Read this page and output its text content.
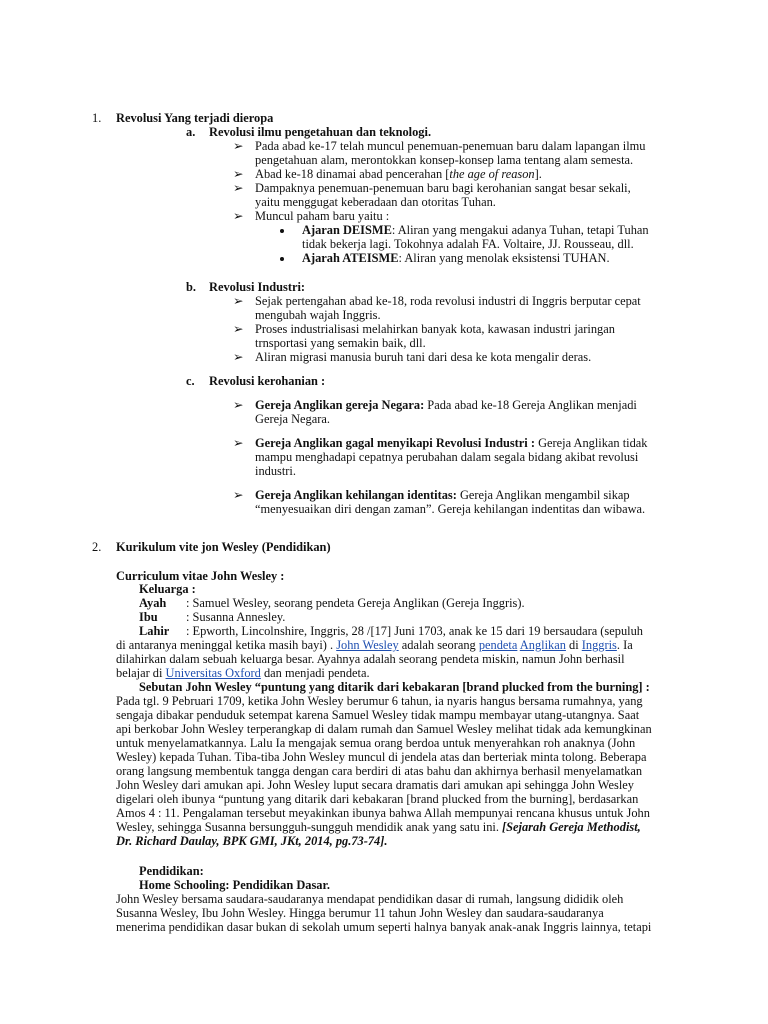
1. Revolusi Yang terjadi dieropa
a. Revolusi ilmu pengetahuan dan teknologi.
➢ Pada abad ke-17 telah muncul penemuan-penemuan baru dalam lapangan ilmu
pengetahuan alam, merontokkan konsep-konsep lama tentang alam semesta.
➢ Abad ke-18 dinamai abad pencerahan [the age of reason].
➢ Dampaknya penemuan-penemuan baru bagi kerohanian sangat besar sekali,
yaitu menggugat keberadaan dan otoritas Tuhan.
➢ Muncul paham baru yaitu :
Ajaran DEISME: Aliran yang mengakui adanya Tuhan, tetapi Tuhan
tidak bekerja lagi. Tokohnya adalah FA. Voltaire, JJ. Rousseau, dll.
Ajarah ATEISME: Aliran yang menolak eksistensi TUHAN.
b. Revolusi Industri:
➢ Sejak pertengahan abad ke-18, roda revolusi industri di Inggris berputar cepat
mengubah wajah Inggris.
➢ Proses industrialisasi melahirkan banyak kota, kawasan industri jaringan
trnsportasi yang semakin baik, dll.
➢ Aliran migrasi manusia buruh tani dari desa ke kota mengalir deras.
c. Revolusi kerohanian :
➢ Gereja Anglikan gereja Negara: Pada abad ke-18 Gereja Anglikan menjadi
Gereja Negara.
➢ Gereja Anglikan gagal menyikapi Revolusi Industri : Gereja Anglikan tidak
mampu menghadapi cepatnya perubahan dalam segala bidang akibat revolusi
industri.
➢ Gereja Anglikan kehilangan identitas: Gereja Anglikan mengambil sikap
“menyesuaikan diri dengan zaman”. Gereja kehilangan indentitas dan wibawa.
2. Kurikulum vite jon Wesley (Pendidikan)
Curriculum vitae John Wesley :
Keluarga :
Ayah : Samuel Wesley, seorang pendeta Gereja Anglikan (Gereja Inggris).
Ibu : Susanna Annesley.
Lahir : Epworth, Lincolnshire, Inggris, 28 /[17] Juni 1703, anak ke 15 dari 19 bersaudara (sepuluh
di antaranya meninggal ketika masih bayi) . John Wesley adalah seorang pendeta Anglikan di Inggris. Ia
dilahirkan dalam sebuah keluarga besar. Ayahnya adalah seorang pendeta miskin, namun John berhasil
belajar di Universitas Oxford dan menjadi pendeta.
Sebutan John Wesley “puntung yang ditarik dari kebakaran [brand plucked from the burning] :
Pada tgl. 9 Pebruari 1709, ketika John Wesley berumur 6 tahun, ia nyaris hangus bersama rumahnya, yang
sengaja dibakar penduduk setempat karena Samuel Wesley tidak mampu membayar utang-utangnya. Saat
api berkobar John Wesley terperangkap di dalam rumah dan Samuel Wesley melihat tidak ada kemungkinan
untuk menyelamatkannya. Lalu Ia mengajak semua orang berdoa untuk menyerahkan roh anaknya (John
Wesley) kepada Tuhan. Tiba-tiba John Wesley muncul di jendela atas dan berteriak minta tolong. Beberapa
orang langsung membentuk tangga dengan cara berdiri di atas bahu dan akhirnya berhasil menyelamatkan
John Wesley dari amukan api. John Wesley luput secara dramatis dari amukan api sehingga John Wesley
digelari oleh ibunya “puntung yang ditarik dari kebakaran [brand plucked from the burning], berdasarkan
Amos 4 : 11. Pengalaman tersebut meyakinkan ibunya bahwa Allah mempunyai rencana khusus untuk John
Wesley, sehingga Susanna bersungguh-sungguh mendidik anak yang satu ini. [Sejarah Gereja Methodist,
Dr. Richard Daulay, BPK GMI, JKt, 2014, pg.73-74].
Pendidikan:
Home Schooling: Pendidikan Dasar.
John Wesley bersama saudara-saudaranya mendapat pendidikan dasar di rumah, langsung dididik oleh
Susanna Wesley, Ibu John Wesley. Hingga berumur 11 tahun John Wesley dan saudara-saudaranya
menerima pendidikan dasar bukan di sekolah umum seperti halnya banyak anak-anak Inggris lainnya, tetapi
